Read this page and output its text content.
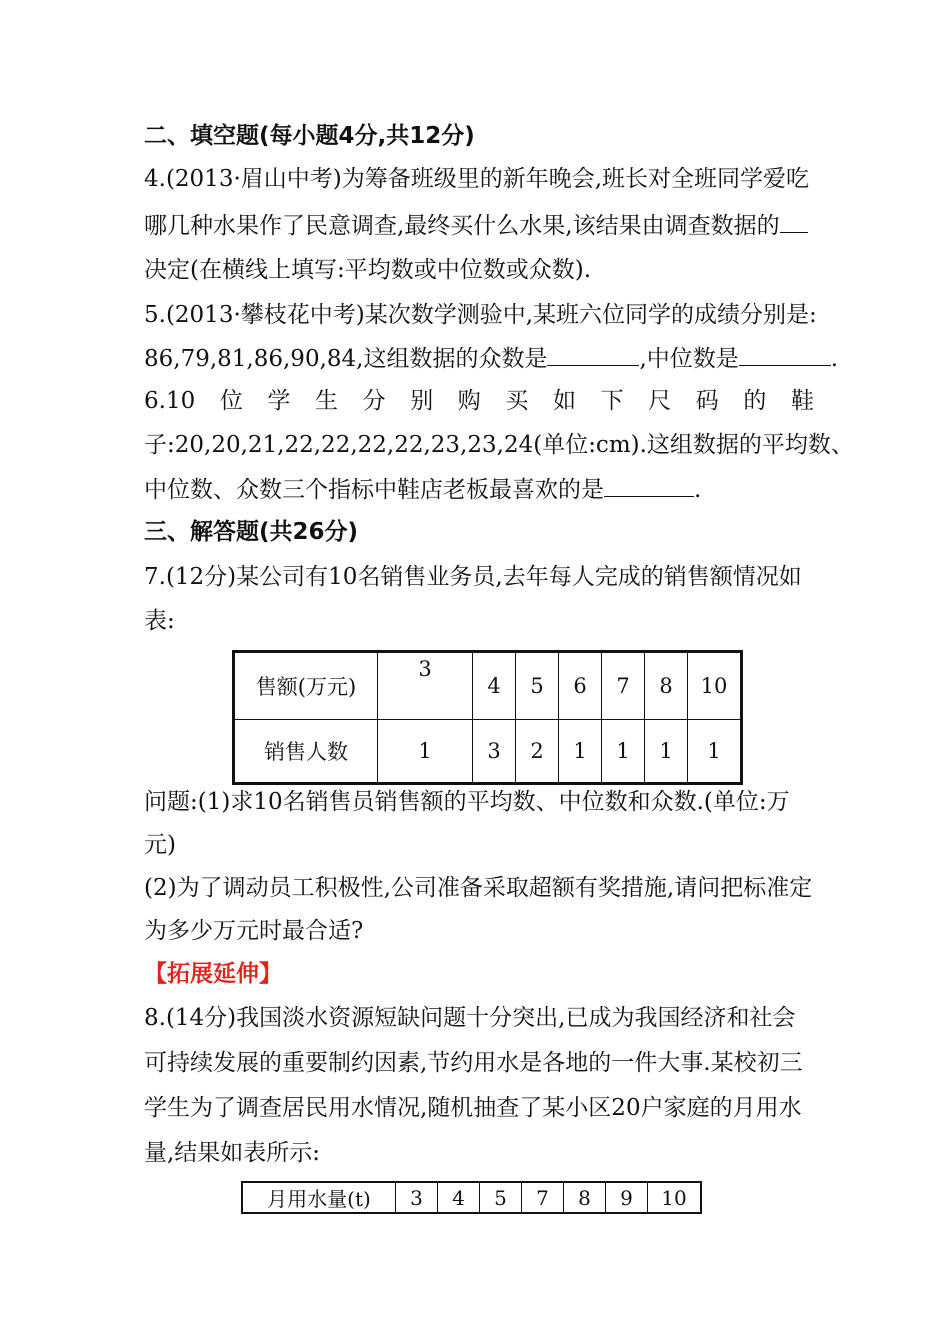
二、填空题(每小题4分,共12分)
4.(2013·眉山中考)为筹备班级里的新年晚会,班长对全班同学爱吃
哪几种水果作了民意调查,最终买什么水果,该结果由调查数据的
决定(在横线上填写:平均数或中位数或众数).
5.(2013·攀枝花中考)某次数学测验中,某班六位同学的成绩分别是:
86,79,81,86,90,84,这组数据的众数是	,中位数是	.
6.10 位 学 生 分 别 购 买 如 下 尺 码 的 鞋
子:20,20,21,22,22,22,22,23,23,24(单位:cm).这组数据的平均数、
中位数、众数三个指标中鞋店老板最喜欢的是	.
三、解答题(共26分)
7.(12分)某公司有10名销售业务员,去年每人完成的销售额情况如
表:
售额(万元)	3	4	5	6	7	8	10
销售人数	1	3	2	1	1	1	1
问题:(1)求10名销售员销售额的平均数、中位数和众数.(单位:万
元)
(2)为了调动员工积极性,公司准备采取超额有奖措施,请问把标准定
为多少万元时最合适?
【拓展延伸】
8.(14分)我国淡水资源短缺问题十分突出,已成为我国经济和社会
可持续发展的重要制约因素,节约用水是各地的一件大事.某校初三
学生为了调查居民用水情况,随机抽查了某小区20户家庭的月用水
量,结果如表所示:
月用水量(t)	3	4	5	7	8	9	10
